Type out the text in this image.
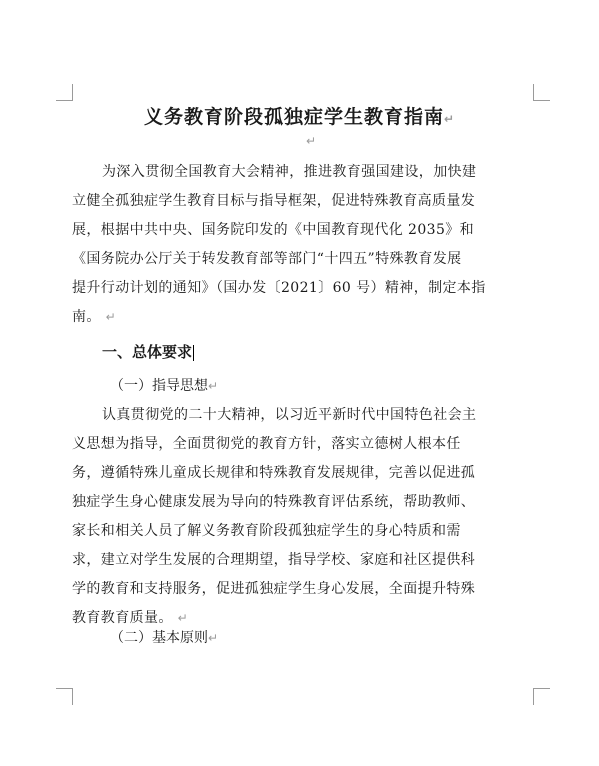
义务教育阶段孤独症学生教育指南↵
↵
为深入贯彻全国教育大会精神，推进教育强国建设，加快建
立健全孤独症学生教育目标与指导框架，促进特殊教育高质量发
展，根据中共中央、国务院印发的《中国教育现代化 2035》和
《国务院办公厅关于转发教育部等部门“十四五”特殊教育发展
提升行动计划的通知》（国办发〔2021〕60 号）精神，制定本指
南。 ↵
一、总体要求
（一）指导思想↵
认真贯彻党的二十大精神，以习近平新时代中国特色社会主
义思想为指导，全面贯彻党的教育方针，落实立德树人根本任
务，遵循特殊儿童成长规律和特殊教育发展规律，完善以促进孤
独症学生身心健康发展为导向的特殊教育评估系统，帮助教师、
家长和相关人员了解义务教育阶段孤独症学生的身心特质和需
求，建立对学生发展的合理期望，指导学校、家庭和社区提供科
学的教育和支持服务，促进孤独症学生身心发展，全面提升特殊
教育教育质量。 ↵
（二）基本原则↵
